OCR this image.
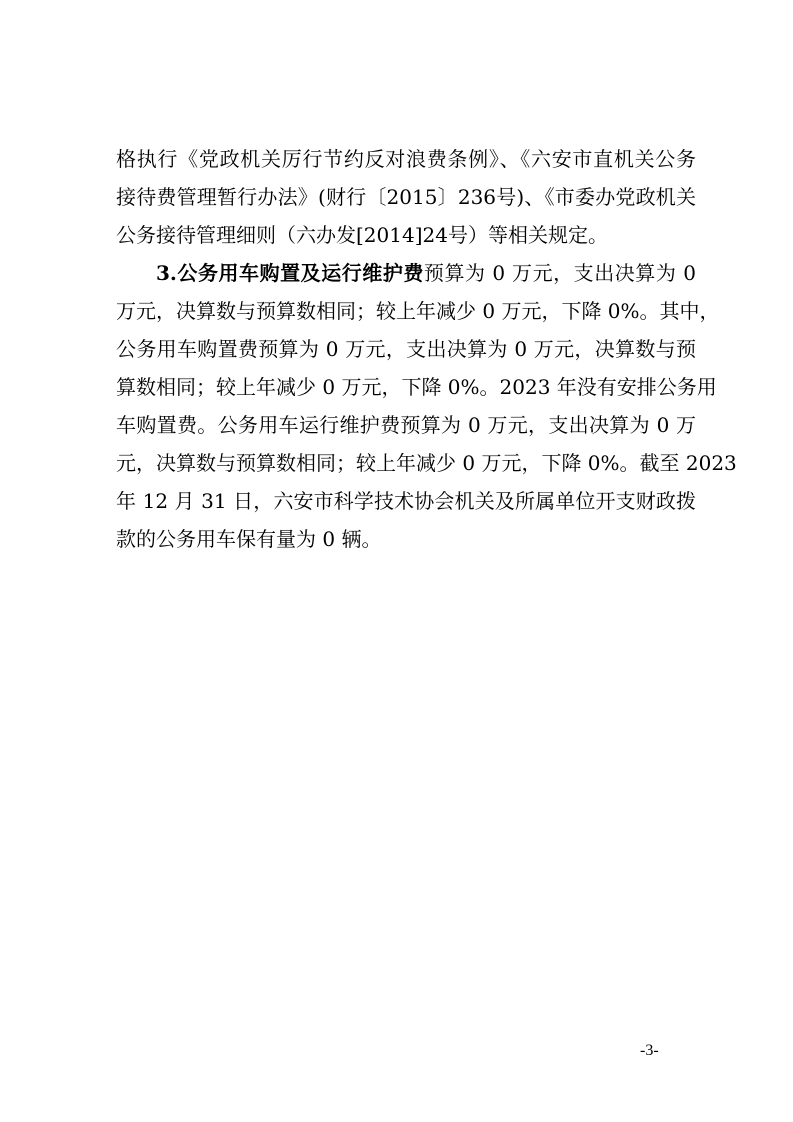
格执行《党政机关厉行节约反对浪费条例》、《六安市直机关公务
接待费管理暂行办法》(财行〔2015〕236号)、《市委办党政机关
公务接待管理细则（六办发[2014]24号）等相关规定。
3.公务用车购置及运行维护费预算为 0 万元，支出决算为 0
万元，决算数与预算数相同；较上年减少 0 万元，下降 0%。其中，
公务用车购置费预算为 0 万元，支出决算为 0 万元，决算数与预
算数相同；较上年减少 0 万元，下降 0%。2023 年没有安排公务用
车购置费。公务用车运行维护费预算为 0 万元，支出决算为 0 万
元，决算数与预算数相同；较上年减少 0 万元，下降 0%。截至 2023
年 12 月 31 日，六安市科学技术协会机关及所属单位开支财政拨
款的公务用车保有量为 0 辆。
-3-
